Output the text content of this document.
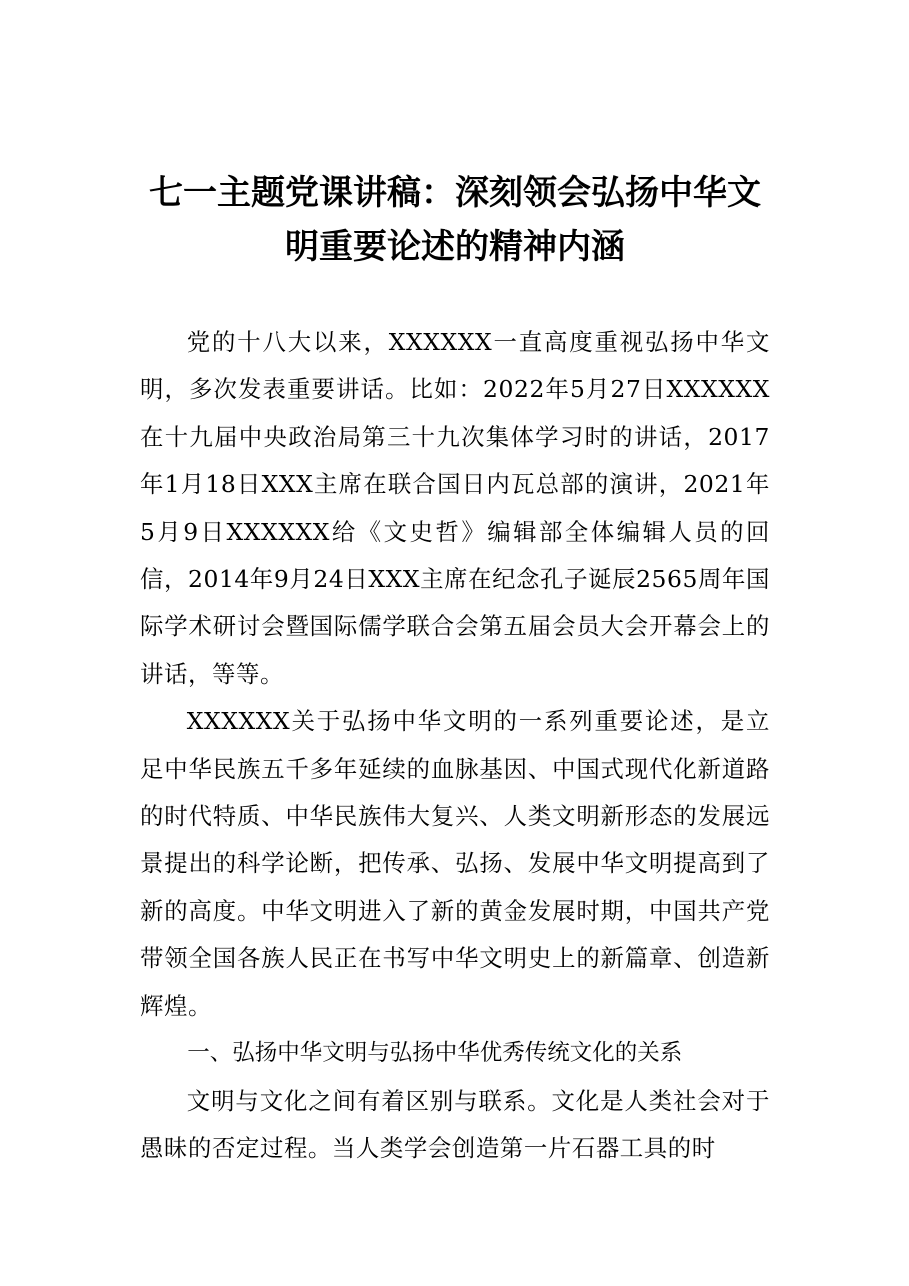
七一主题党课讲稿：深刻领会弘扬中华文
明重要论述的精神内涵

党的十八大以来，XXXXXX一直高度重视弘扬中华文明，多次发表重要讲话。比如：2022年5月27日XXXXXX在十九届中央政治局第三十九次集体学习时的讲话，2017年1月18日XXX主席在联合国日内瓦总部的演讲，2021年5月9日XXXXXX给《文史哲》编辑部全体编辑人员的回信，2014年9月24日XXX主席在纪念孔子诞辰2565周年国际学术研讨会暨国际儒学联合会第五届会员大会开幕会上的讲话，等等。

XXXXXX关于弘扬中华文明的一系列重要论述，是立足中华民族五千多年延续的血脉基因、中国式现代化新道路的时代特质、中华民族伟大复兴、人类文明新形态的发展远景提出的科学论断，把传承、弘扬、发展中华文明提高到了新的高度。中华文明进入了新的黄金发展时期，中国共产党带领全国各族人民正在书写中华文明史上的新篇章、创造新辉煌。

一、弘扬中华文明与弘扬中华优秀传统文化的关系

文明与文化之间有着区别与联系。文化是人类社会对于愚昧的否定过程。当人类学会创造第一片石器工具的时
